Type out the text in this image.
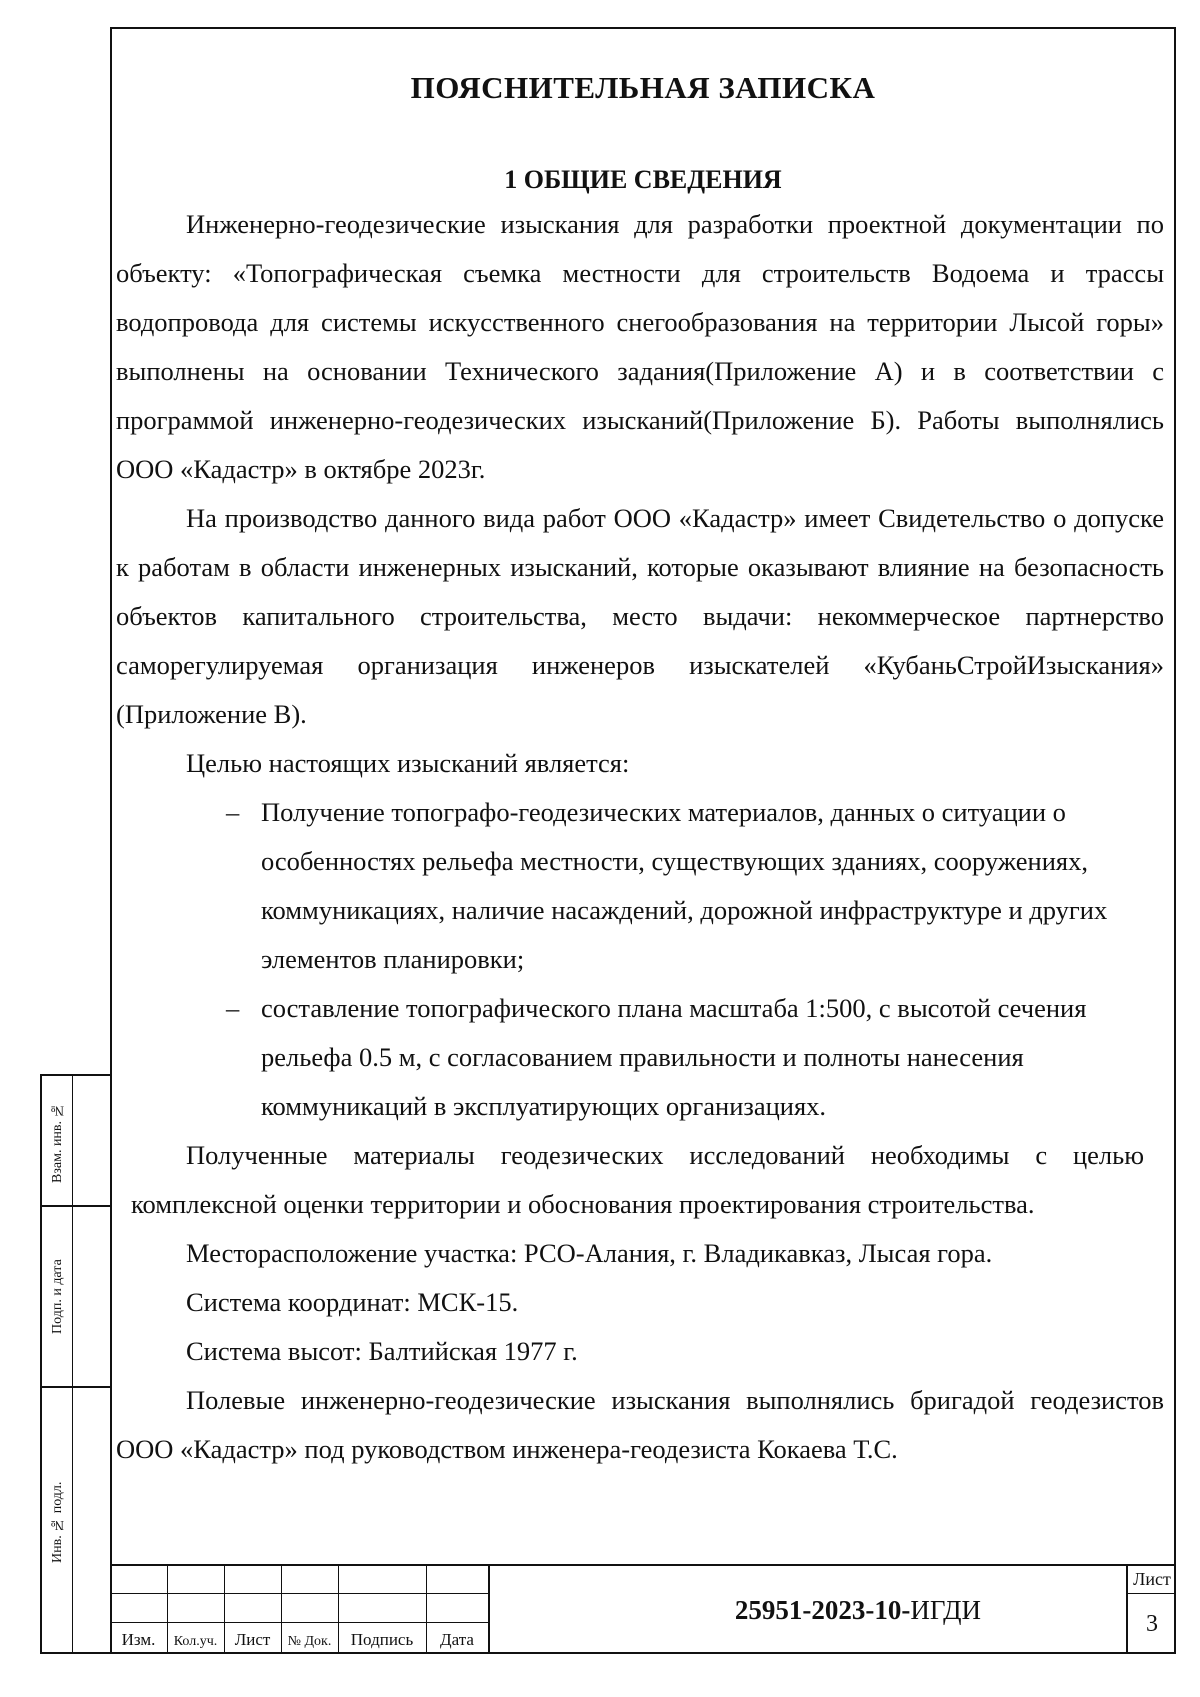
Взам. инв. №
Подп. и дата
Инв. № подл.
ПОЯСНИТЕЛЬНАЯ ЗАПИСКА
1 ОБЩИЕ СВЕДЕНИЯ

Инженерно-геодезические изыскания для разработки проектной документации по объекту: «Топографическая съемка местности для строительств Водоема и трассы водопровода для системы искусственного снегообразования на территории Лысой горы» выполнены на основании Технического задания(Приложение А) и в соответствии с программой инженерно-геодезических изысканий(Приложение Б). Работы выполнялись ООО «Кадастр» в октябре 2023г.

На производство данного вида работ ООО «Кадастр» имеет Свидетельство о допуске к работам в области инженерных изысканий, которые оказывают влияние на безопасность объектов капитального строительства, место выдачи: некоммерческое партнерство саморегулируемая организация инженеров изыскателей «КубаньСтройИзыскания» (Приложение В).

Целью настоящих изысканий является:

– Получение топографо-геодезических материалов, данных о ситуации о особенностях рельефа местности, существующих зданиях, сооружениях, коммуникациях, наличие насаждений, дорожной инфраструктуре и других элементов планировки;
– составление топографического плана масштаба 1:500, с высотой сечения рельефа 0.5 м, с согласованием правильности и полноты нанесения коммуникаций в эксплуатирующих организациях.

Полученные материалы геодезических исследований необходимы с целью комплексной оценки территории и обоснования проектирования строительства.

Месторасположение участка: РСО-Алания, г. Владикавказ, Лысая гора.

Система координат: МСК-15.

Система высот: Балтийская 1977 г.

Полевые инженерно-геодезические изыскания выполнялись бригадой геодезистов ООО «Кадастр» под руководством инженера-геодезиста Кокаева Т.С.

Изм.	Кол.уч.	Лист	№ Док.	Подпись	Дата
25951-2023-10- ИГДИ
Лист
3
